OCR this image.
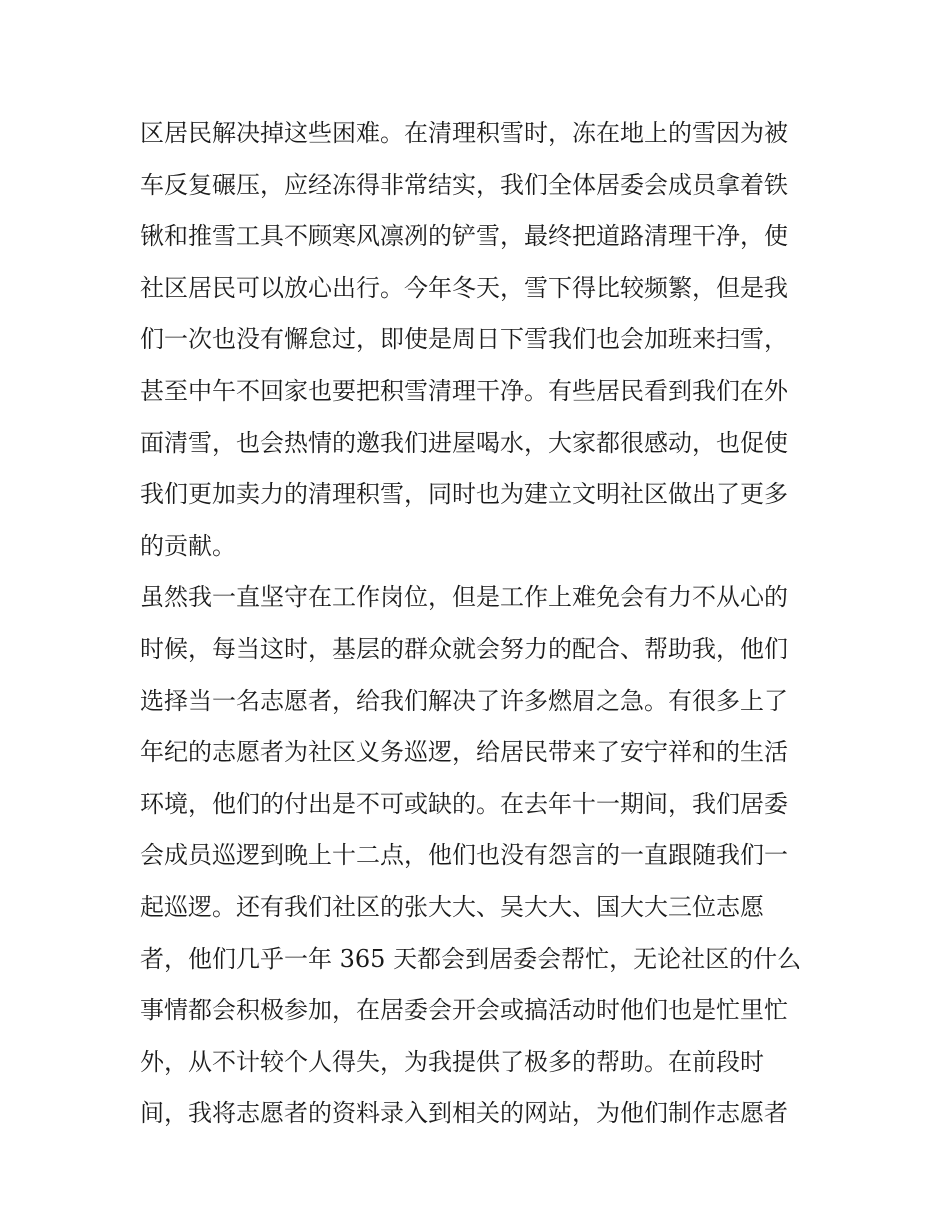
区居民解决掉这些困难。在清理积雪时，冻在地上的雪因为被
车反复碾压，应经冻得非常结实，我们全体居委会成员拿着铁
锹和推雪工具不顾寒风凛冽的铲雪，最终把道路清理干净，使
社区居民可以放心出行。今年冬天，雪下得比较频繁，但是我
们一次也没有懈怠过，即使是周日下雪我们也会加班来扫雪，
甚至中午不回家也要把积雪清理干净。有些居民看到我们在外
面清雪，也会热情的邀我们进屋喝水，大家都很感动，也促使
我们更加卖力的清理积雪，同时也为建立文明社区做出了更多
的贡献。
虽然我一直坚守在工作岗位，但是工作上难免会有力不从心的
时候，每当这时，基层的群众就会努力的配合、帮助我，他们
选择当一名志愿者，给我们解决了许多燃眉之急。有很多上了
年纪的志愿者为社区义务巡逻，给居民带来了安宁祥和的生活
环境，他们的付出是不可或缺的。在去年十一期间，我们居委
会成员巡逻到晚上十二点，他们也没有怨言的一直跟随我们一
起巡逻。还有我们社区的张大大、吴大大、国大大三位志愿
者，他们几乎一年 365 天都会到居委会帮忙，无论社区的什么
事情都会积极参加，在居委会开会或搞活动时他们也是忙里忙
外，从不计较个人得失，为我提供了极多的帮助。在前段时
间，我将志愿者的资料录入到相关的网站，为他们制作志愿者
